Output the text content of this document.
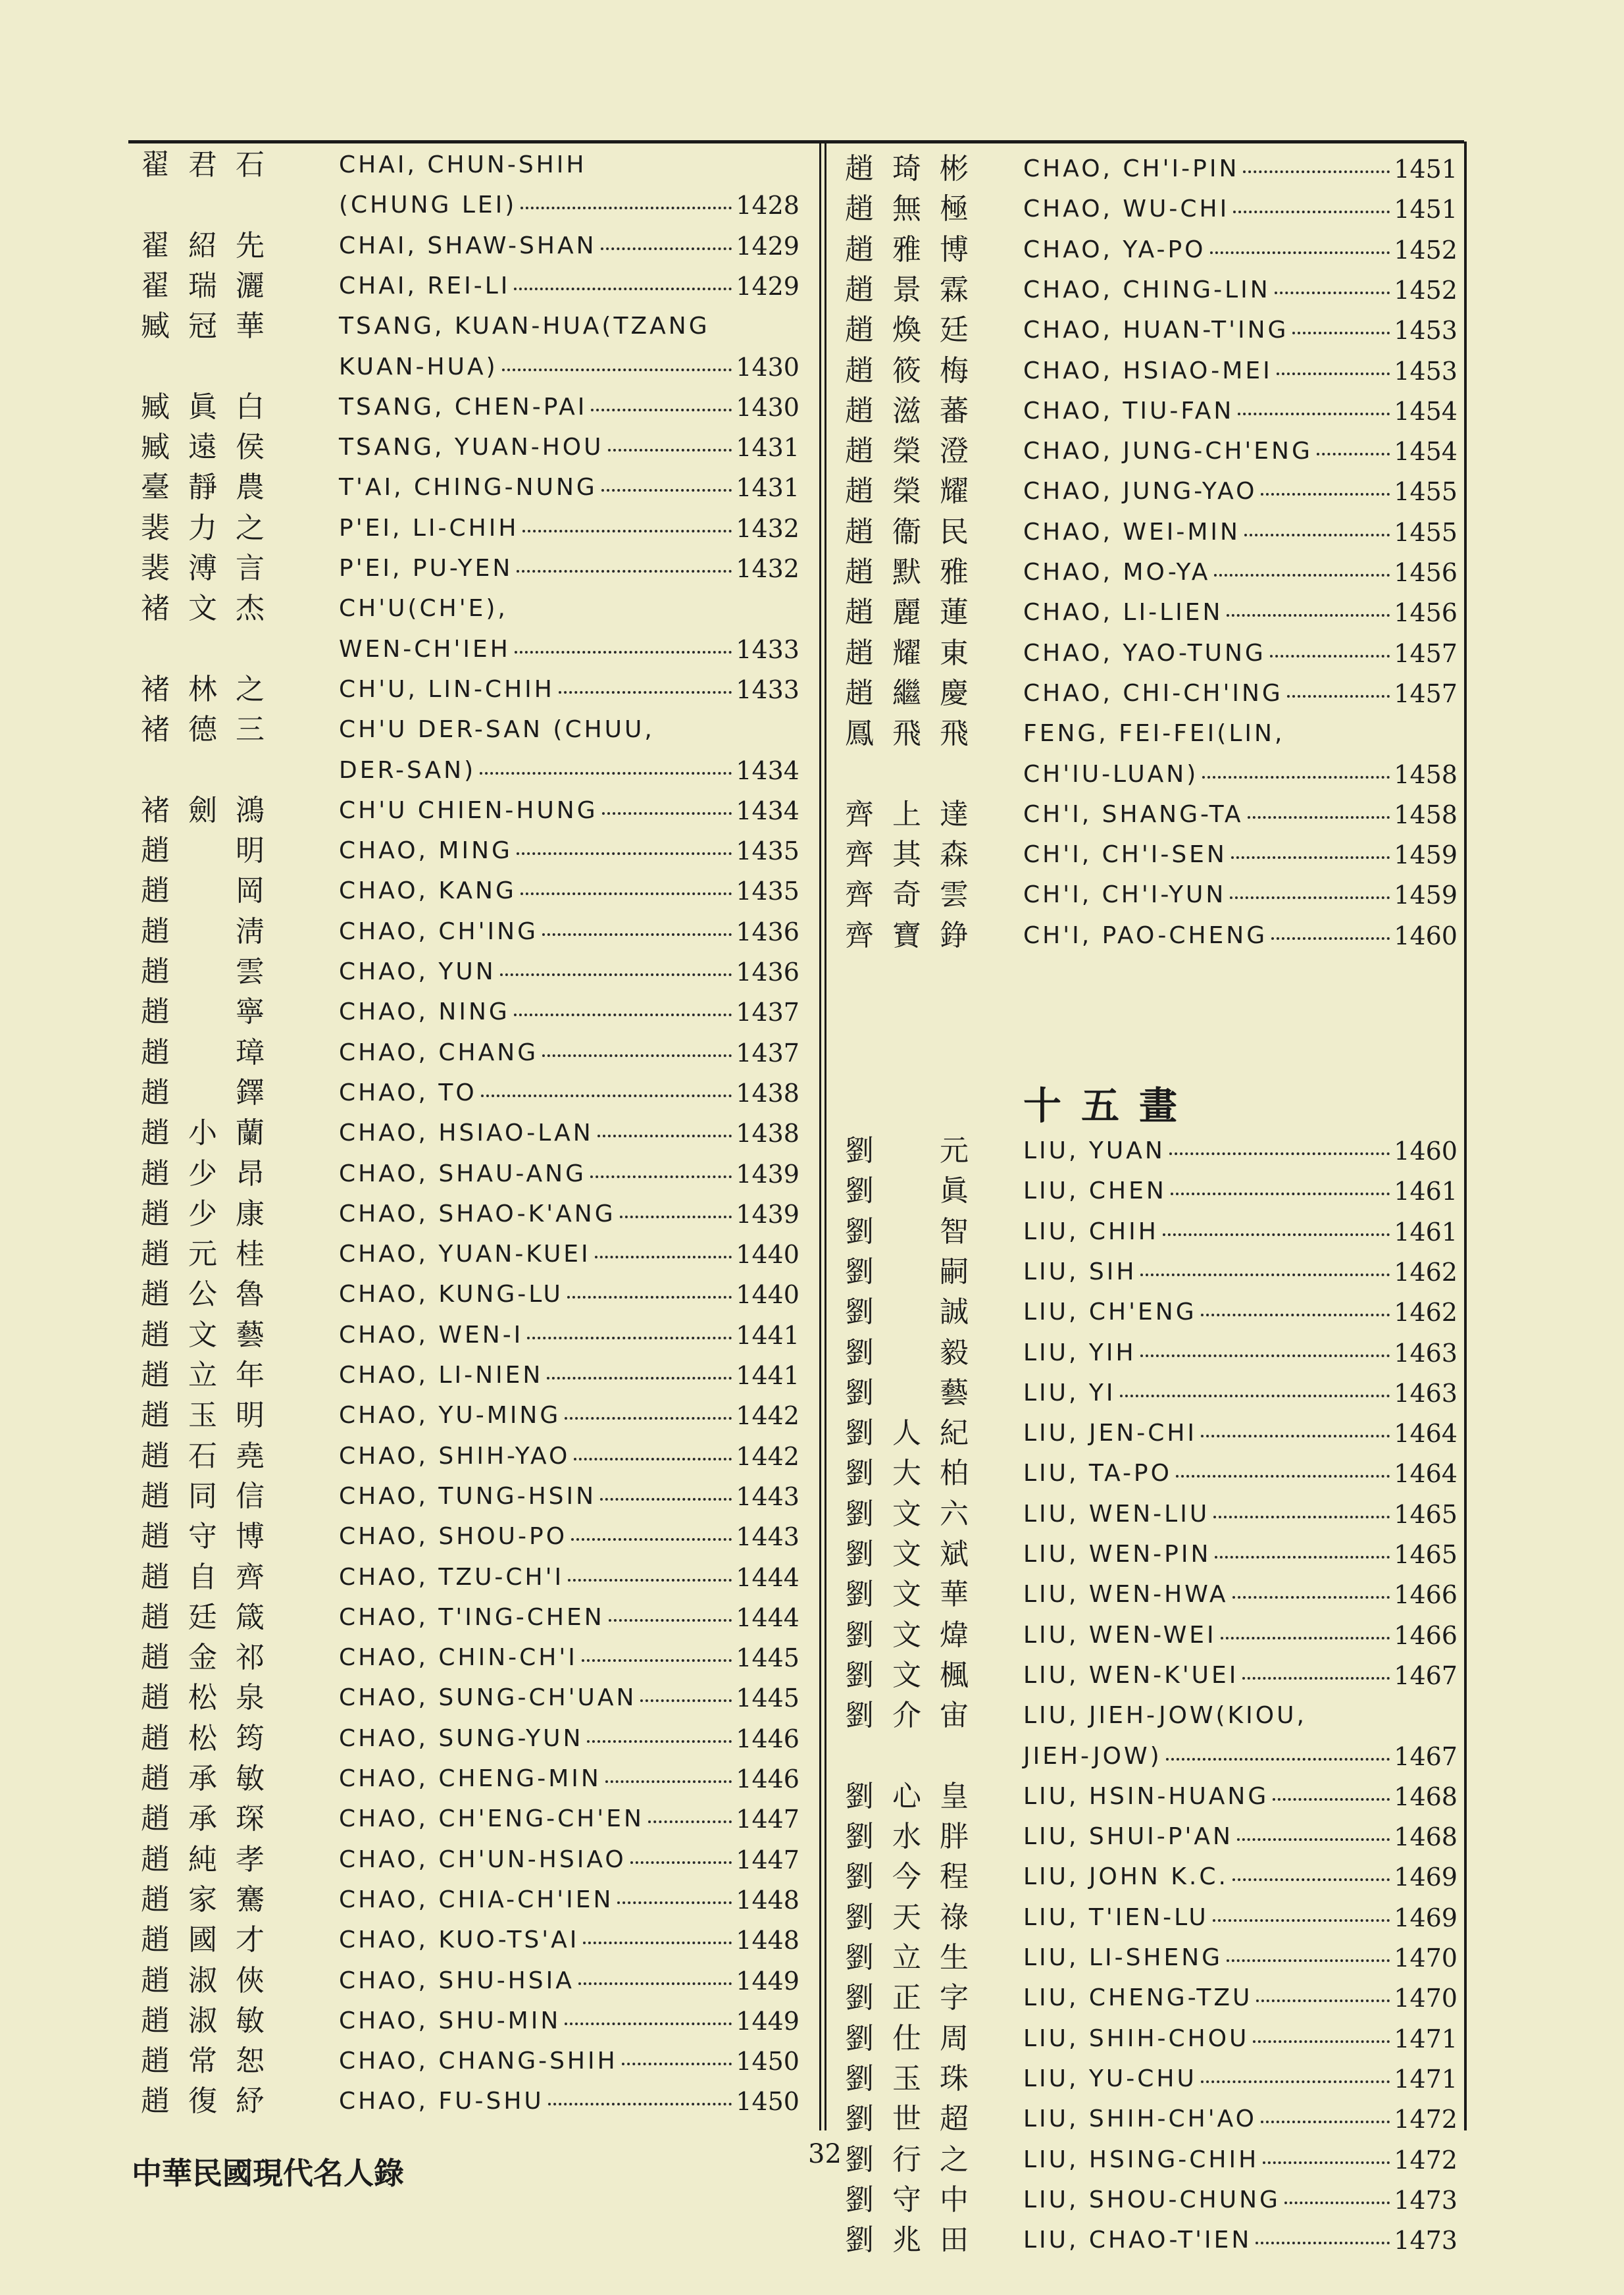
翟 君 石	CHAI, CHUN-SHIH
(CHUNG LEI)	1428
翟 紹 先	CHAI, SHAW-SHAN	1429
翟 瑞 灑	CHAI, REI-LI	1429
臧 冠 華	TSANG, KUAN-HUA(TZANG
KUAN-HUA)	1430
臧 眞 白	TSANG, CHEN-PAI	1430
臧 遠 侯	TSANG, YUAN-HOU	1431
臺 靜 農	T'AI, CHING-NUNG	1431
裴 力 之	P'EI, LI-CHIH	1432
裴 溥 言	P'EI, PU-YEN	1432
褚 文 杰	CH'U(CH'E),
WEN-CH'IEH	1433
褚 林 之	CH'U, LIN-CHIH	1433
褚 德 三	CH'U DER-SAN (CHUU,
DER-SAN)	1434
褚 劍 鴻	CH'U CHIEN-HUNG	1434
趙 明	CHAO, MING	1435
趙 岡	CHAO, KANG	1435
趙 淸	CHAO, CH'ING	1436
趙 雲	CHAO, YUN	1436
趙 寧	CHAO, NING	1437
趙 璋	CHAO, CHANG	1437
趙 鐸	CHAO, TO	1438
趙 小 蘭	CHAO, HSIAO-LAN	1438
趙 少 昂	CHAO, SHAU-ANG	1439
趙 少 康	CHAO, SHAO-K'ANG	1439
趙 元 桂	CHAO, YUAN-KUEI	1440
趙 公 魯	CHAO, KUNG-LU	1440
趙 文 藝	CHAO, WEN-I	1441
趙 立 年	CHAO, LI-NIEN	1441
趙 玉 明	CHAO, YU-MING	1442
趙 石 堯	CHAO, SHIH-YAO	1442
趙 同 信	CHAO, TUNG-HSIN	1443
趙 守 博	CHAO, SHOU-PO	1443
趙 自 齊	CHAO, TZU-CH'I	1444
趙 廷 箴	CHAO, T'ING-CHEN	1444
趙 金 祁	CHAO, CHIN-CH'I	1445
趙 松 泉	CHAO, SUNG-CH'UAN	1445
趙 松 筠	CHAO, SUNG-YUN	1446
趙 承 敏	CHAO, CHENG-MIN	1446
趙 承 琛	CHAO, CH'ENG-CH'EN	1447
趙 純 孝	CHAO, CH'UN-HSIAO	1447
趙 家 騫	CHAO, CHIA-CH'IEN	1448
趙 國 才	CHAO, KUO-TS'AI	1448
趙 淑 俠	CHAO, SHU-HSIA	1449
趙 淑 敏	CHAO, SHU-MIN	1449
趙 常 恕	CHAO, CHANG-SHIH	1450
趙 復 紓	CHAO, FU-SHU	1450
十五畫
趙 琦 彬 CHAO, CH'I-PIN	1451
趙 無 極 CHAO, WU-CHI	1451
趙 雅 博 CHAO, YA-PO	1452
趙 景 霖 CHAO, CHING-LIN	1452
趙 煥 廷 CHAO, HUAN-T'ING	1453
趙 筱 梅 CHAO, HSIAO-MEI	1453
趙 滋 蕃 CHAO, TIU-FAN	1454
趙 榮 澄 CHAO, JUNG-CH'ENG	1454
趙 榮 耀 CHAO, JUNG-YAO	1455
趙 衞 民 CHAO, WEI-MIN	1455
趙 默 雅 CHAO, MO-YA	1456
趙 麗 蓮 CHAO, LI-LIEN	1456
趙 耀 東 CHAO, YAO-TUNG	1457
趙 繼 慶 CHAO, CHI-CH'ING	1457
鳳 飛 飛 FENG, FEI-FEI(LIN,
CH'IU-LUAN)	1458
齊 上 達 CH'I, SHANG-TA	1458
齊 其 森 CH'I, CH'I-SEN	1459
齊 奇 雲 CH'I, CH'I-YUN	1459
齊 寶 錚 CH'I, PAO-CHENG	1460
劉 元 LIU, YUAN	1460
劉 眞 LIU, CHEN	1461
劉 智 LIU, CHIH	1461
劉 嗣 LIU, SIH	1462
劉 誠 LIU, CH'ENG	1462
劉 毅 LIU, YIH	1463
劉 藝 LIU, YI	1463
劉 人 紀 LIU, JEN-CHI	1464
劉 大 柏 LIU, TA-PO	1464
劉 文 六 LIU, WEN-LIU	1465
劉 文 斌 LIU, WEN-PIN	1465
劉 文 華 LIU, WEN-HWA	1466
劉 文 煒 LIU, WEN-WEI	1466
劉 文 楓 LIU, WEN-K'UEI	1467
劉 介 宙 LIU, JIEH-JOW(KIOU,
JIEH-JOW)	1467
劉 心 皇 LIU, HSIN-HUANG	1468
劉 水 胖 LIU, SHUI-P'AN	1468
劉 今 程 LIU, JOHN K.C.	1469
劉 天 祿 LIU, T'IEN-LU	1469
劉 立 生 LIU, LI-SHENG	1470
劉 正 字 LIU, CHENG-TZU	1470
劉 仕 周 LIU, SHIH-CHOU	1471
劉 玉 珠 LIU, YU-CHU	1471
劉 世 超 LIU, SHIH-CH'AO	1472
劉 行 之 LIU, HSING-CHIH	1472
劉 守 中 LIU, SHOU-CHUNG	1473
劉 兆 田 LIU, CHAO-T'IEN	1473
中華民國現代名人錄
32
